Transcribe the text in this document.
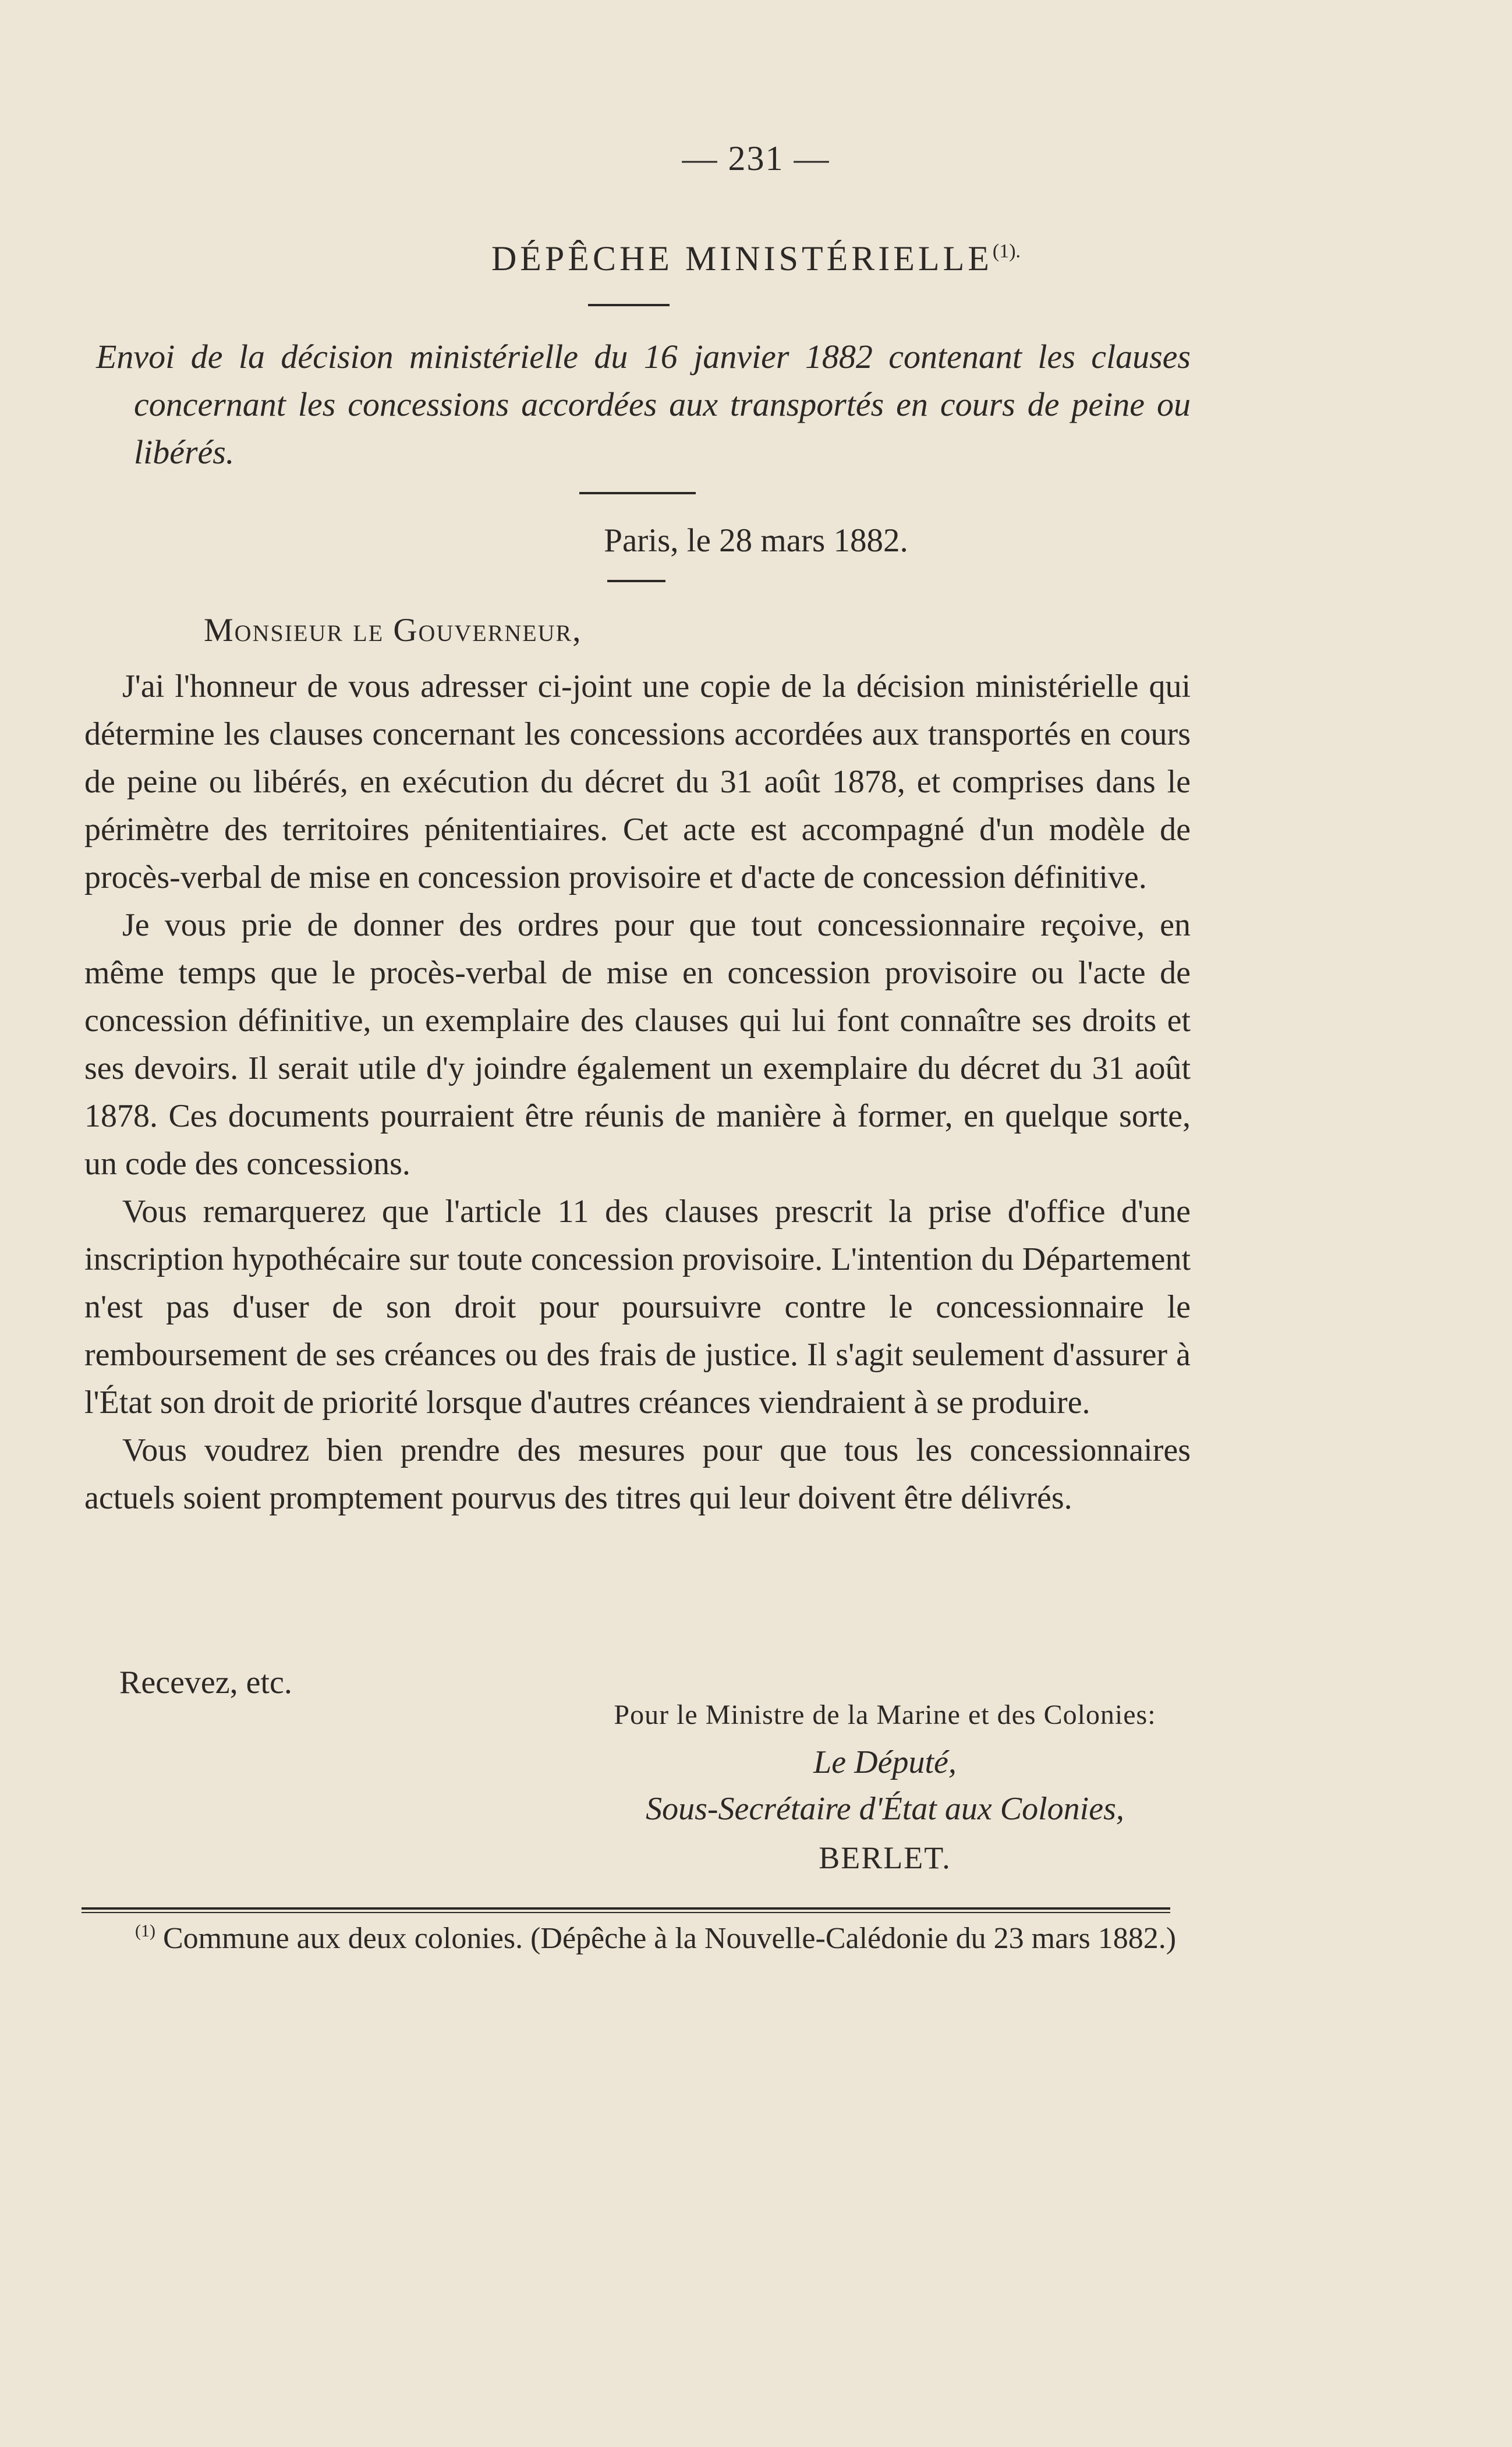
— 231 —
DÉPÊCHE $MINISTÉRIELLE^{(1).}$
Envoi de la décision ministérielle du 16 janvier 1882 contenant les clauses concernant les concessions accordées aux transportés en cours de peine ou libérés.
Paris, le 28 mars 1882.
Monsieur le Gouverneur,

J'ai l'honneur de vous adresser ci-joint une copie de la décision ministérielle qui détermine les clauses concernant les concessions accordées aux transportés en cours de peine ou libérés, en exécution du décret du 31 août 1878, et comprises dans le périmètre des territoires pénitentiaires. Cet acte est accompagné d'un modèle de procès-verbal de mise en concession provisoire et d'acte de concession définitive.

Je vous prie de donner des ordres pour que tout concessionnaire reçoive, en même temps que le procès-verbal de mise en concession provisoire ou l'acte de concession définitive, un exemplaire des clauses qui lui font connaître ses droits et ses devoirs. Il serait utile d'y joindre également un exemplaire du décret du 31 août 1878. Ces documents pourraient être réunis de manière à former, en quelque sorte, un code des concessions.

Vous remarquerez que l'article 11 des clauses prescrit la prise d'office d'une inscription hypothécaire sur toute concession provisoire. L'intention du Département n'est pas d'user de son droit pour poursuivre contre le concessionnaire le remboursement de ses créances ou des frais de justice. Il s'agit seulement d'assurer à l'État son droit de priorité lorsque d'autres créances viendraient à se produire.

Vous voudrez bien prendre des mesures pour que tous les concessionnaires actuels soient promptement pourvus des titres qui leur doivent être délivrés.

Recevez, etc.
Pour le Ministre de la Marine et des Colonies:
Le Député,
Sous-Secrétaire d'État aux Colonies,
BERLET.
$^{(1)}$ Commune aux deux colonies. (Dépêche à la Nouvelle-Calédonie du 23 mars 1882.)
